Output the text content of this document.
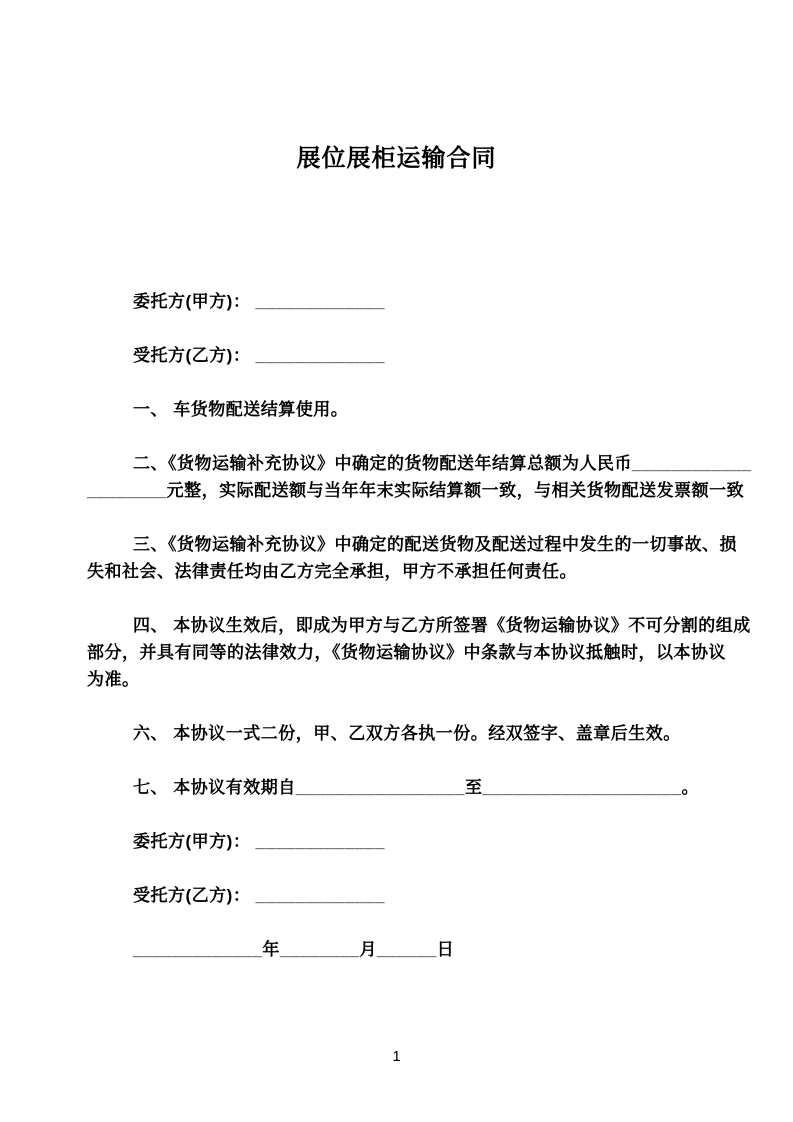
展位展柜运输合同
委托方(甲方)： _____________
受托方(乙方)： _____________
一、 车货物配送结算使用。
二、《货物运输补充协议》中确定的货物配送年结算总额为人民币____________
________元整，实际配送额与当年年末实际结算额一致，与相关货物配送发票额一致
三、《货物运输补充协议》中确定的配送货物及配送过程中发生的一切事故、损
失和社会、法律责任均由乙方完全承担，甲方不承担任何责任。
四、 本协议生效后，即成为甲方与乙方所签署《货物运输协议》不可分割的组成
部分，并具有同等的法律效力，《货物运输协议》中条款与本协议抵触时，以本协议
为准。
六、 本协议一式二份，甲、乙双方各执一份。经双签字、盖章后生效。
七、 本协议有效期自_________________至____________________。
委托方(甲方)： _____________
受托方(乙方)： _____________
_____________年________月______日
1
